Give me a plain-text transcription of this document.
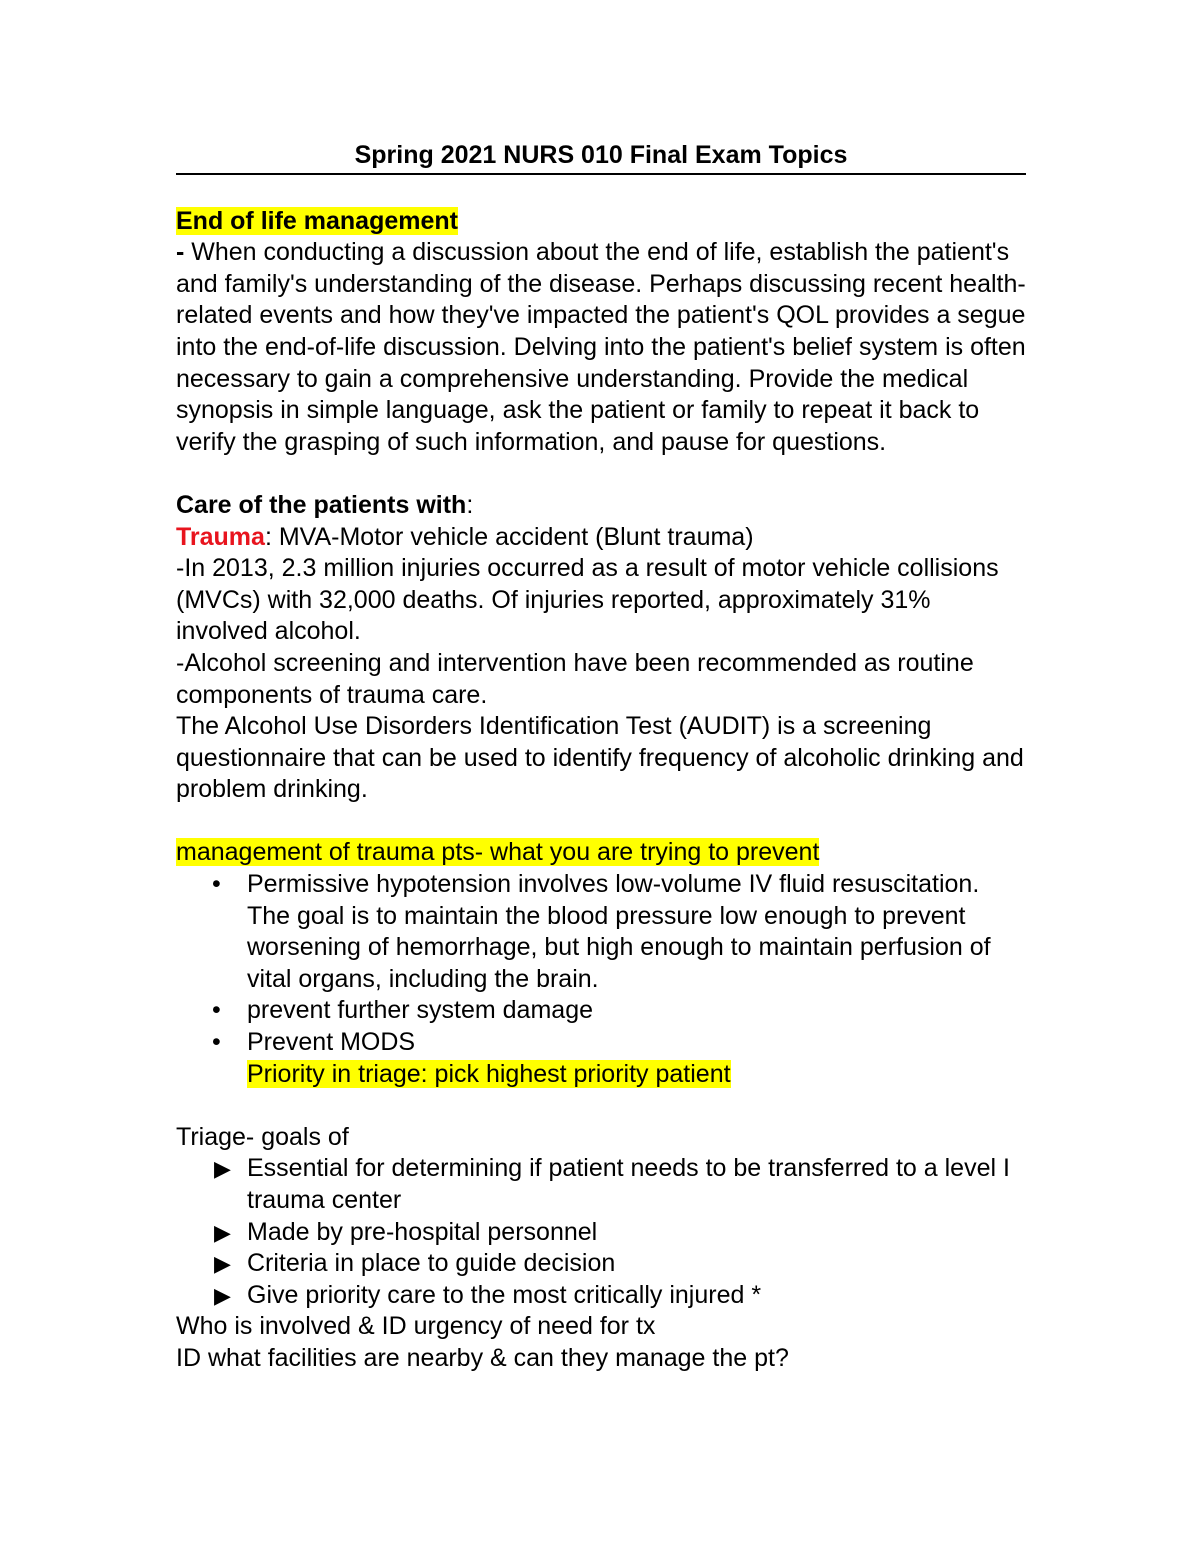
Spring 2021 NURS 010 Final Exam Topics
End of life management
- When conducting a discussion about the end of life, establish the patient's and family's understanding of the disease. Perhaps discussing recent health-related events and how they've impacted the patient's QOL provides a segue into the end-of-life discussion. Delving into the patient's belief system is often necessary to gain a comprehensive understanding. Provide the medical synopsis in simple language, ask the patient or family to repeat it back to verify the grasping of such information, and pause for questions.
Care of the patients with:
Trauma: MVA-Motor vehicle accident (Blunt trauma)
-In 2013, 2.3 million injuries occurred as a result of motor vehicle collisions (MVCs) with 32,000 deaths. Of injuries reported, approximately 31% involved alcohol.
-Alcohol screening and intervention have been recommended as routine components of trauma care.
The Alcohol Use Disorders Identification Test (AUDIT) is a screening questionnaire that can be used to identify frequency of alcoholic drinking and problem drinking.
management of trauma pts- what you are trying to prevent
• Permissive hypotension involves low-volume IV fluid resuscitation. The goal is to maintain the blood pressure low enough to prevent worsening of hemorrhage, but high enough to maintain perfusion of vital organs, including the brain.
• prevent further system damage
• Prevent MODS
Priority in triage: pick highest priority patient
Triage- goals of
▶ Essential for determining if patient needs to be transferred to a level I trauma center
▶ Made by pre-hospital personnel
▶ Criteria in place to guide decision
▶ Give priority care to the most critically injured *
Who is involved & ID urgency of need for tx
ID what facilities are nearby & can they manage the pt?
